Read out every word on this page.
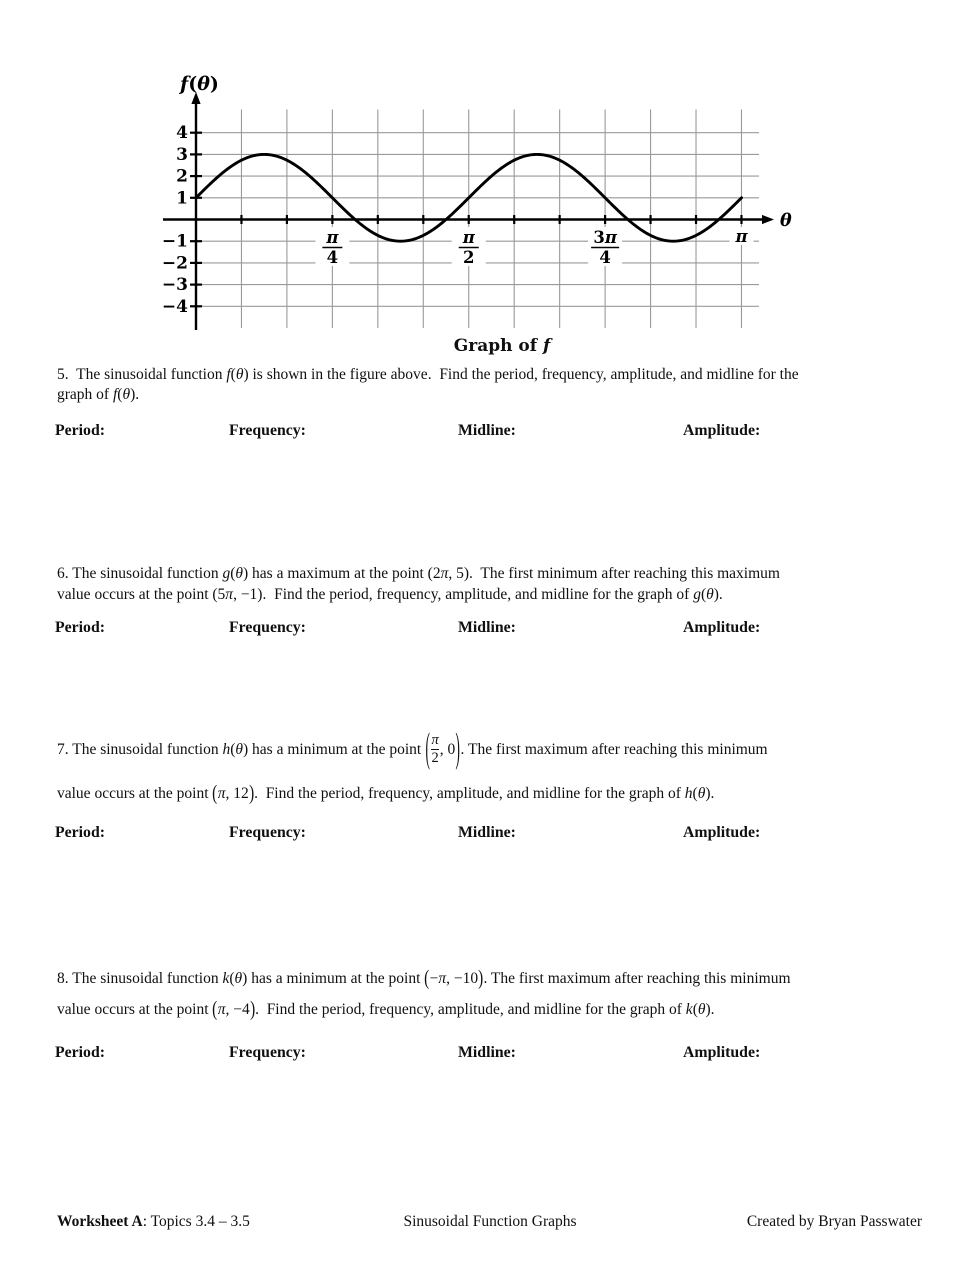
π
4
π
2
3π
4
π
4
3
2
1
−1
−2
−3
−4
f(θ)
θ
Graph of f
5.  The sinusoidal function f(θ) is shown in the figure above.  Find the period, frequency, amplitude, and midline for the
graph of f(θ).
Period:	Frequency:	Midline:	Amplitude:
6. The sinusoidal function g(θ) has a maximum at the point (2π, 5).  The first minimum after reaching this maximum
value occurs at the point (5π, −1).  Find the period, frequency, amplitude, and midline for the graph of g(θ).
Period:	Frequency:	Midline:	Amplitude:
7. The sinusoidal function h(θ) has a minimum at the point ( π
2
, 0 ) . The first maximum after reaching this minimum
value occurs at the point ( π , 12 ) .  Find the period, frequency, amplitude, and midline for the graph of h(θ).
Period:	Frequency:	Midline:	Amplitude:
8. The sinusoidal function k(θ) has a minimum at the point ( − π , −10 ) . The first maximum after reaching this minimum
value occurs at the point ( π , −4 ) .  Find the period, frequency, amplitude, and midline for the graph of k(θ).
Period:	Frequency:	Midline:	Amplitude:
Worksheet A: Topics 3.4 – 3.5	Sinusoidal Function Graphs	Created by Bryan Passwater
